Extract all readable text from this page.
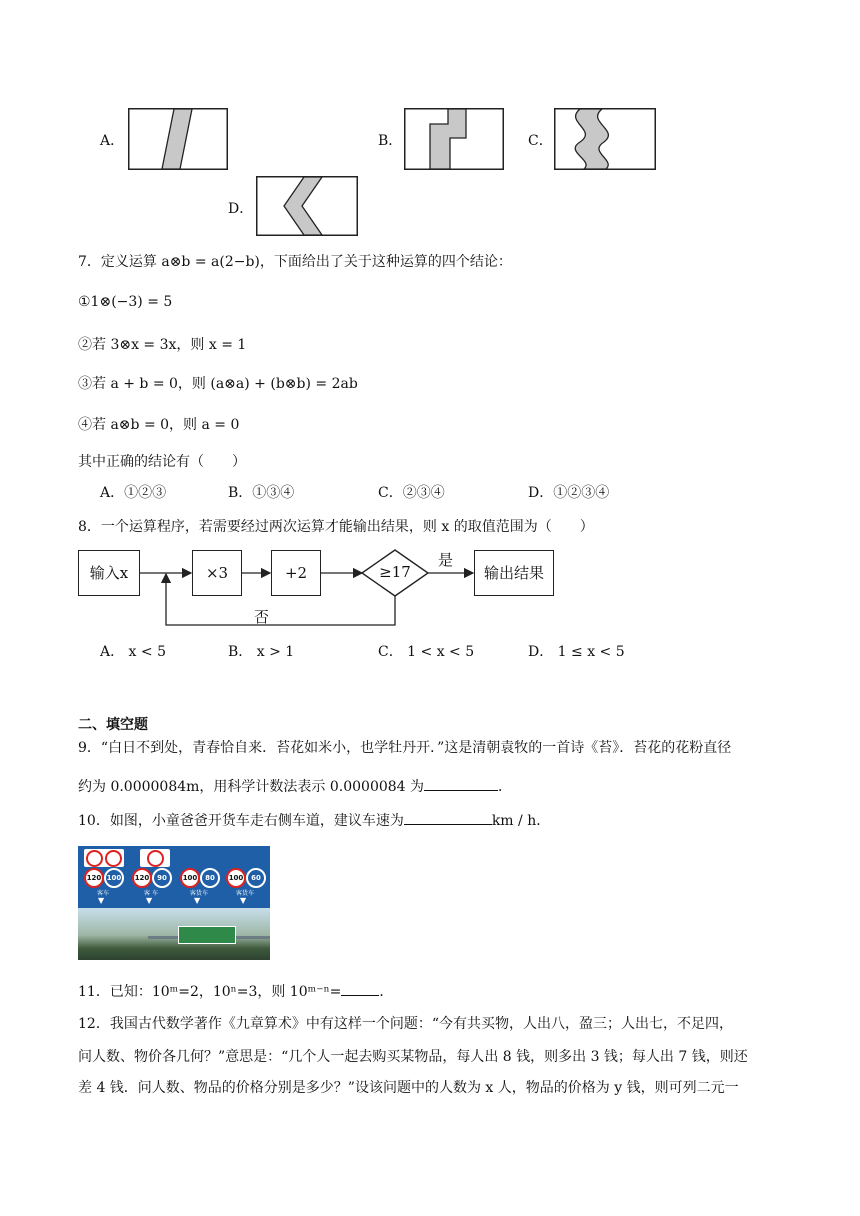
A．	B．	C．
D．
7．定义运算 a⊗b = a(2−b)，下面给出了关于这种运算的四个结论：
①1⊗(−3) = 5
②若 3⊗x = 3x，则 x = 1
③若 a + b = 0，则 (a⊗a) + (b⊗b) = 2ab
④若 a⊗b = 0，则 a = 0
其中正确的结论有（　　）
A．①②③	B．①③④	C．②③④	D．①②③④
8．一个运算程序，若需要经过两次运算才能输出结果，则 x 的取值范围为（　　）
输入x	×3	+2	≥17	输出结果
是
否
A． x < 5	B． x > 1	C． 1 < x < 5	D． 1 ≤ x < 5
二、填空题
9．“白日不到处，青春恰自来．苔花如米小，也学牡丹开．”这是清朝袁牧的一首诗《苔》．苔花的花粉直径
约为 0.0000084m，用科学计数法表示 0.0000084 为	．
10．如图，小童爸爸开货车走右侧车道，建议车速为	km / h．
120 100
客车
▼
120	90
客 车
▼
100	80
客货车
▼
100	60
客货车
▼
11．已知：10ᵐ=2，10ⁿ=3，则 10ᵐ⁻ⁿ=	．
12．我国古代数学著作《九章算术》中有这样一个问题：“今有共买物，人出八，盈三；人出七，不足四，
问人数、物价各几何？”意思是：“几个人一起去购买某物品，每人出 8 钱，则多出 3 钱；每人出 7 钱，则还
差 4 钱．问人数、物品的价格分别是多少？”设该问题中的人数为 x 人，物品的价格为 y 钱，则可列二元一
